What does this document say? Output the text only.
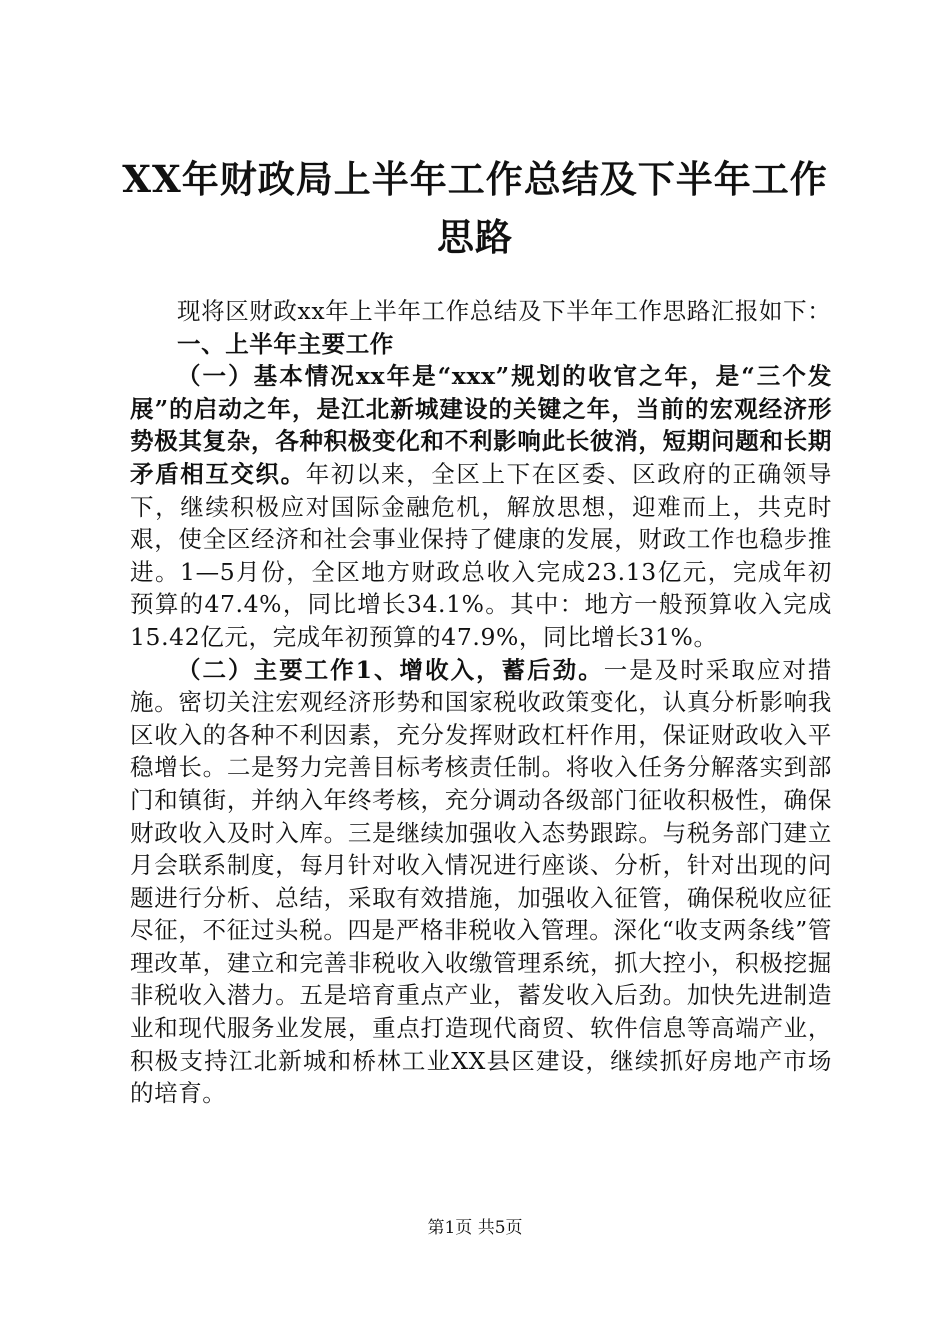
XX年财政局上半年工作总结及下半年工作思路

现将区财政xx年上半年工作总结及下半年工作思路汇报如下：

一、上半年主要工作

（一）基本情况xx年是“xxx”规划的收官之年，是“三个发展”的启动之年，是江北新城建设的关键之年，当前的宏观经济形势极其复杂，各种积极变化和不利影响此长彼消，短期问题和长期矛盾相互交织。年初以来，全区上下在区委、区政府的正确领导下，继续积极应对国际金融危机，解放思想，迎难而上，共克时艰，使全区经济和社会事业保持了健康的发展，财政工作也稳步推进。1—5月份，全区地方财政总收入完成23.13亿元，完成年初预算的47.4%，同比增长34.1%。其中：地方一般预算收入完成15.42亿元，完成年初预算的47.9%，同比增长31%。

（二）主要工作1、增收入，蓄后劲。一是及时采取应对措施。密切关注宏观经济形势和国家税收政策变化，认真分析影响我区收入的各种不利因素，充分发挥财政杠杆作用，保证财政收入平稳增长。二是努力完善目标考核责任制。将收入任务分解落实到部门和镇街，并纳入年终考核，充分调动各级部门征收积极性，确保财政收入及时入库。三是继续加强收入态势跟踪。与税务部门建立月会联系制度，每月针对收入情况进行座谈、分析，针对出现的问题进行分析、总结，采取有效措施，加强收入征管，确保税收应征尽征，不征过头税。四是严格非税收入管理。深化“收支两条线”管理改革，建立和完善非税收入收缴管理系统，抓大控小，积极挖掘非税收入潜力。五是培育重点产业，蓄发收入后劲。加快先进制造业和现代服务业发展，重点打造现代商贸、软件信息等高端产业，积极支持江北新城和桥林工业XX县区建设，继续抓好房地产市场的培育。

第1页 共5页
